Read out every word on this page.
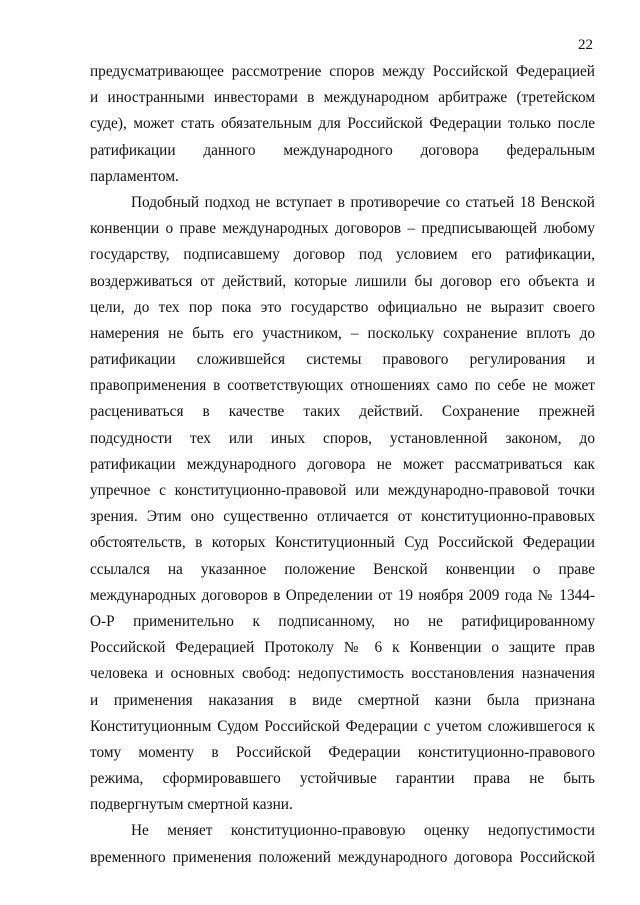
22
предусматривающее рассмотрение споров между Российской Федерацией
и иностранными инвесторами в международном арбитраже (третейском
суде), может стать обязательным для Российской Федерации только после
ратификации данного международного договора федеральным
парламентом.
Подобный подход не вступает в противоречие со статьей 18 Венской
конвенции о праве международных договоров – предписывающей любому
государству, подписавшему договор под условием его ратификации,
воздерживаться от действий, которые лишили бы договор его объекта и
цели, до тех пор пока это государство официально не выразит своего
намерения не быть его участником, – поскольку сохранение вплоть до
ратификации сложившейся системы правового регулирования и
правоприменения в соответствующих отношениях само по себе не может
расцениваться в качестве таких действий. Сохранение прежней
подсудности тех или иных споров, установленной законом, до
ратификации международного договора не может рассматриваться как
упречное с конституционно-правовой или международно-правовой точки
зрения. Этим оно существенно отличается от конституционно-правовых
обстоятельств, в которых Конституционный Суд Российской Федерации
ссылался на указанное положение Венской конвенции о праве
международных договоров в Определении от 19 ноября 2009 года № 1344-
О-Р применительно к подписанному, но не ратифицированному
Российской Федерацией Протоколу № 6 к Конвенции о защите прав
человека и основных свобод: недопустимость восстановления назначения
и применения наказания в виде смертной казни была признана
Конституционным Судом Российской Федерации с учетом сложившегося к
тому моменту в Российской Федерации конституционно-правового
режима, сформировавшего устойчивые гарантии права не быть
подвергнутым смертной казни.
Не меняет конституционно-правовую оценку недопустимости
временного применения положений международного договора Российской
